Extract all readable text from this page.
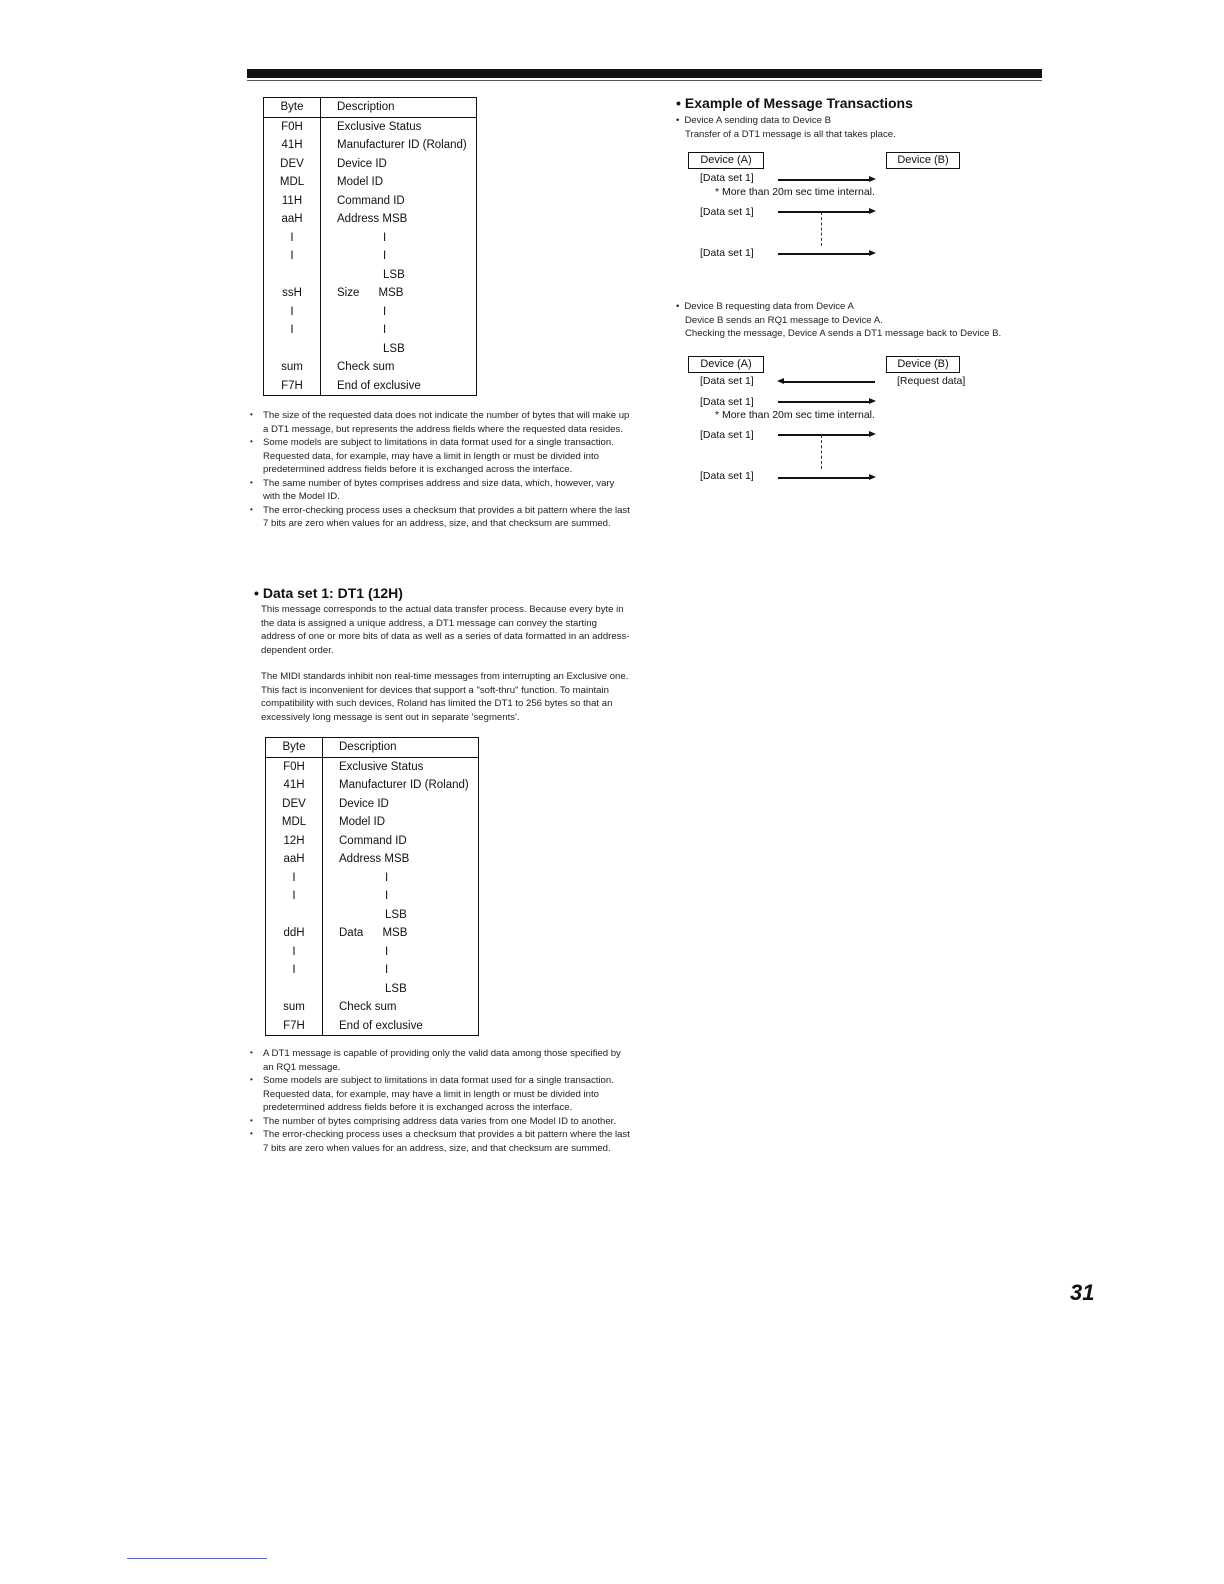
Byte	Description
F0H	Exclusive Status
41H	Manufacturer ID (Roland)
DEV	Device ID
MDL	Model ID
11H	Command ID
aaH	Address MSB
I	I
I	I
	LSB
ssH	Size      MSB
I	I
I	I
	LSB
sum	Check sum
F7H	End of exclusive
• The size of the requested data does not indicate the number of bytes that will make up a DT1 message, but represents the address fields where the requested data resides.
• Some models are subject to limitations in data format used for a single transaction. Requested data, for example, may have a limit in length or must be divided into predetermined address fields before it is exchanged across the interface.
• The same number of bytes comprises address and size data, which, however, vary with the Model ID.
• The error-checking process uses a checksum that provides a bit pattern where the last 7 bits are zero when values for an address, size, and that checksum are summed.
• Data set 1: DT1 (12H)

This message corresponds to the actual data transfer process. Because every byte in the data is assigned a unique address, a DT1 message can convey the starting address of one or more bits of data as well as a series of data formatted in an address-dependent order.

The MIDI standards inhibit non real-time messages from interrupting an Exclusive one. This fact is inconvenient for devices that support a "soft-thru" function. To maintain compatibility with such devices, Roland has limited the DT1 to 256 bytes so that an excessively long message is sent out in separate 'segments'.

Byte	Description
F0H	Exclusive Status
41H	Manufacturer ID (Roland)
DEV	Device ID
MDL	Model ID
12H	Command ID
aaH	Address MSB
I	I
I	I
	LSB
ddH	Data      MSB
I	I
I	I
	LSB
sum	Check sum
F7H	End of exclusive
• A DT1 message is capable of providing only the valid data among those specified by an RQ1 message.
• Some models are subject to limitations in data format used for a single transaction. Requested data, for example, may have a limit in length or must be divided into predetermined address fields before it is exchanged across the interface.
• The number of bytes comprising address data varies from one Model ID to another.
• The error-checking process uses a checksum that provides a bit pattern where the last 7 bits are zero when values for an address, size, and that checksum are summed.
• Example of Message Transactions
• Device A sending data to Device B
Transfer of a DT1 message is all that takes place.
Device (A)	Device (B)
[Data set 1]
* More than 20m sec time internal.
[Data set 1]
[Data set 1]
• Device B requesting data from Device A
Device B sends an RQ1 message to Device A.
Checking the message, Device A sends a DT1 message back to Device B.
Device (A)	Device (B)
[Data set 1]	[Request data]
[Data set 1]
* More than 20m sec time internal.
[Data set 1]
[Data set 1]
31
